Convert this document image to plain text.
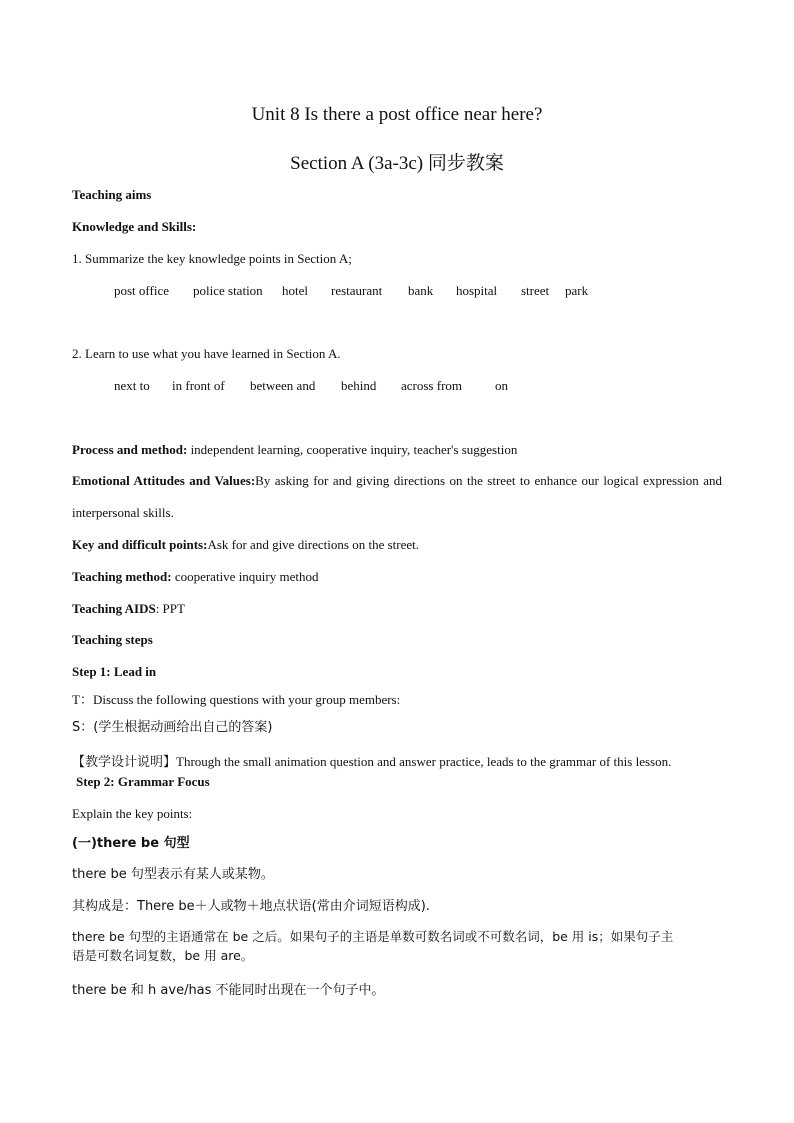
Unit 8 Is there a post office near here?
Section A (3a-3c) 同步教案
Teaching aims
Knowledge and Skills:
1. Summarize the key knowledge points in Section A;
post office police station hotel restaurant bank hospital street park
2. Learn to use what you have learned in Section A.
next to in front of between and behind across from	on
Process and method: independent learning, cooperative inquiry, teacher's suggestion
Emotional Attitudes and Values:By asking for and giving directions on the street to enhance our logical expression and interpersonal skills.
Key and difficult points:Ask for and give directions on the street.
Teaching method: cooperative inquiry method
Teaching AIDS: PPT
Teaching steps
Step 1: Lead in
T：Discuss the following questions with your group members:
S：(学生根据动画给出自己的答案)
【教学设计说明】Through the small animation question and answer practice, leads to the grammar of this lesson.
Step 2: Grammar Focus
Explain the key points:
(一)there be 句型
there be 句型表示有某人或某物。
其构成是：There be＋人或物＋地点状语(常由介词短语构成).
there be 句型的主语通常在 be 之后。如果句子的主语是单数可数名词或不可数名词，be 用 is；如果句子主
语是可数名词复数，be 用 are。
there be 和 h ave/has 不能同时出现在一个句子中。
